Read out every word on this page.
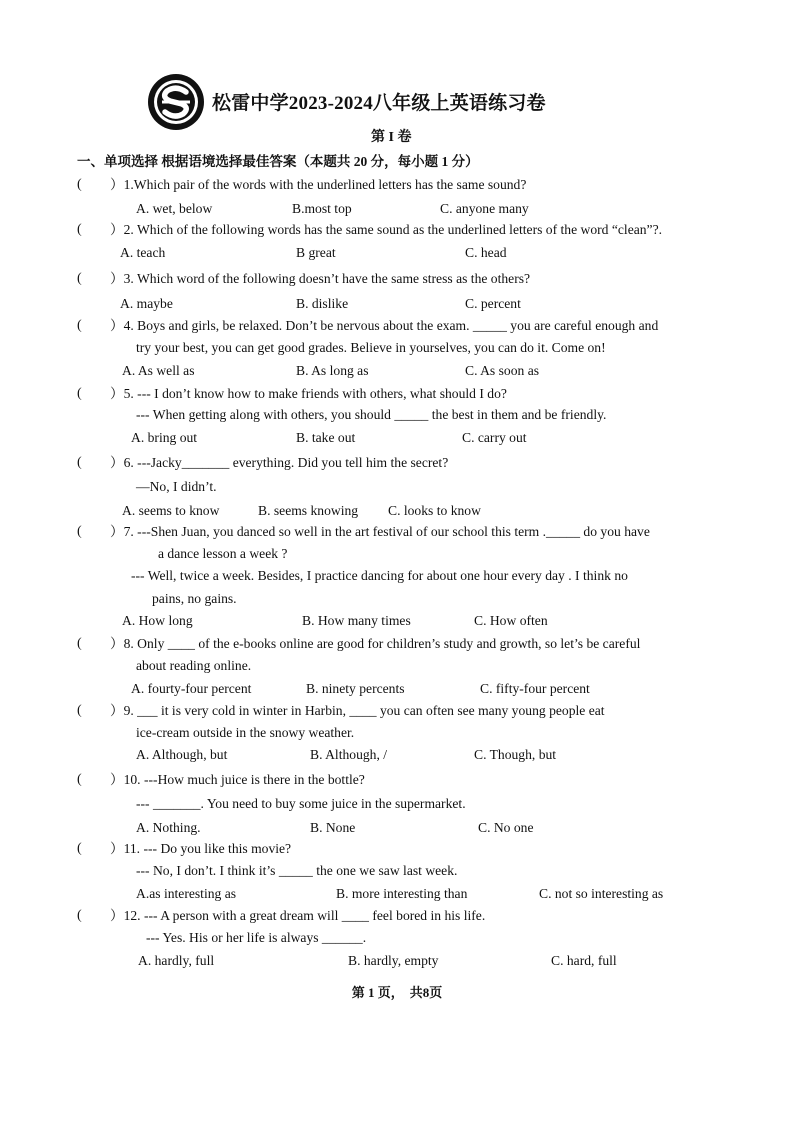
松雷中学2023-2024八年级上英语练习卷
第 I 卷
一、单项选择 根据语境选择最佳答案（本题共 20 分，每小题 1 分）
( ）1.Which pair of the words with the underlined letters has the same sound?
A. wet, below	B.most top	C. anyone many
( ）2. Which of the following words has the same sound as the underlined letters of the word “clean”?.
A. teach	B great	C. head
( ）3. Which word of the following doesn’t have the same stress as the others?
A. maybe	B. dislike	C. percent
( ）4. Boys and girls, be relaxed. Don’t be nervous about the exam. _____ you are careful enough and
try your best, you can get good grades. Believe in yourselves, you can do it. Come on!
A. As well as	B. As long as	C. As soon as
( ）5. --- I don’t know how to make friends with others, what should I do?
--- When getting along with others, you should _____ the best in them and be friendly.
A. bring out	B. take out	C. carry out
( ）6. ---Jacky_______ everything. Did you tell him the secret?
—No, I didn’t.
A. seems to know	B. seems knowing C. looks to know
( ）7. ---Shen Juan, you danced so well in the art festival of our school this term ._____ do you have
a dance lesson a week ?
--- Well, twice a week. Besides, I practice dancing for about one hour every day . I think no
pains, no gains.
A. How long	B. How many times	C. How often
( ）8. Only ____ of the e-books online are good for children’s study and growth, so let’s be careful
about reading online.
A. fourty-four percent	B. ninety percents	C. fifty-four percent
( ）9. ___ it is very cold in winter in Harbin, ____ you can often see many young people eat
ice-cream outside in the snowy weather.
A. Although, but	B. Although, /	C. Though, but
( ）10. ---How much juice is there in the bottle?
--- _______. You need to buy some juice in the supermarket.
A. Nothing.	B. None	C. No one
( ）11. --- Do you like this movie?
--- No, I don’t. I think it’s _____ the one we saw last week.
A.as interesting as	B. more interesting than	C. not so interesting as
( ）12. --- A person with a great dream will ____ feel bored in his life.
--- Yes. His or her life is always ______.
A. hardly, full	B. hardly, empty	C. hard, full
第 1 页， 共8页
